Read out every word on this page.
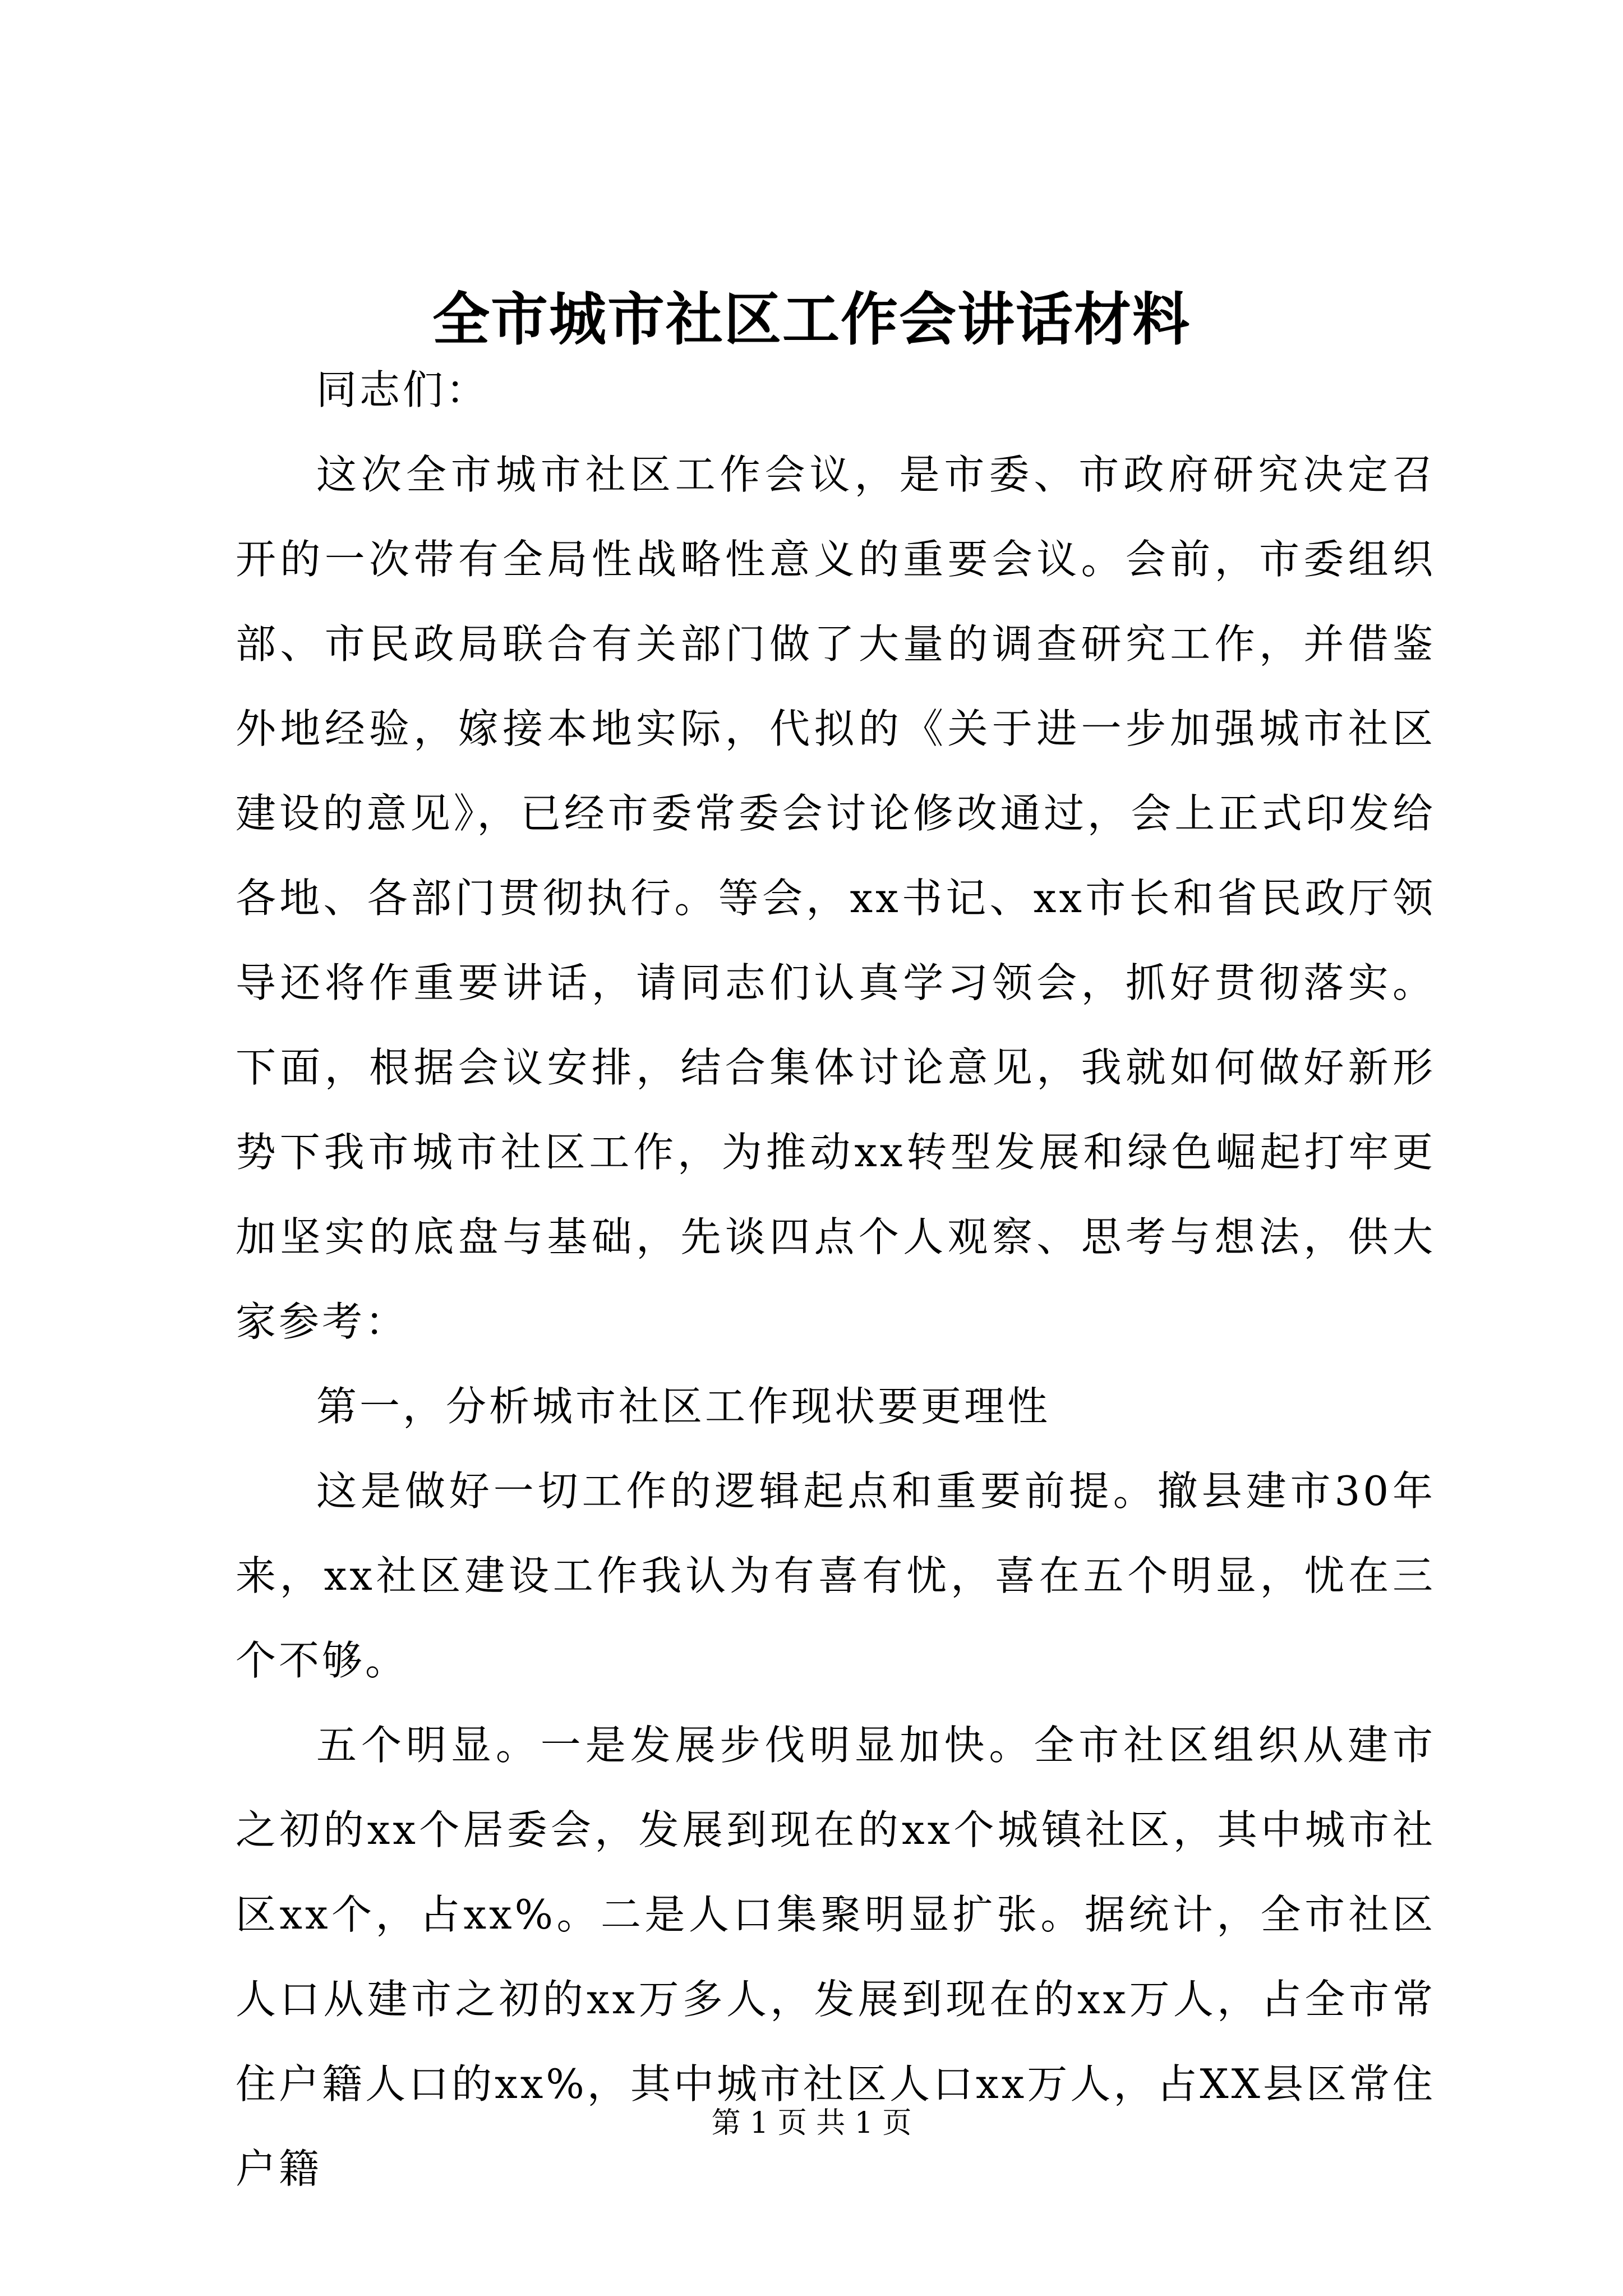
全市城市社区工作会讲话材料

同志们：

这次全市城市社区工作会议，是市委、市政府研究决定召开的一次带有全局性战略性意义的重要会议。会前，市委组织部、市民政局联合有关部门做了大量的调查研究工作，并借鉴外地经验，嫁接本地实际，代拟的《关于进一步加强城市社区建设的意见》，已经市委常委会讨论修改通过，会上正式印发给各地、各部门贯彻执行。等会，xx书记、xx市长和省民政厅领导还将作重要讲话，请同志们认真学习领会，抓好贯彻落实。下面，根据会议安排，结合集体讨论意见，我就如何做好新形势下我市城市社区工作，为推动xx转型发展和绿色崛起打牢更加坚实的底盘与基础，先谈四点个人观察、思考与想法，供大家参考：

第一，分析城市社区工作现状要更理性

这是做好一切工作的逻辑起点和重要前提。撤县建市30年来，xx社区建设工作我认为有喜有忧，喜在五个明显，忧在三个不够。

五个明显。一是发展步伐明显加快。全市社区组织从建市之初的xx个居委会，发展到现在的xx个城镇社区，其中城市社区xx个，占xx%。二是人口集聚明显扩张。据统计，全市社区人口从建市之初的xx万多人，发展到现在的xx万人，占全市常住户籍人口的xx%，其中城市社区人口xx万人，占XX县区常住户籍

第 1 页 共 1 页
